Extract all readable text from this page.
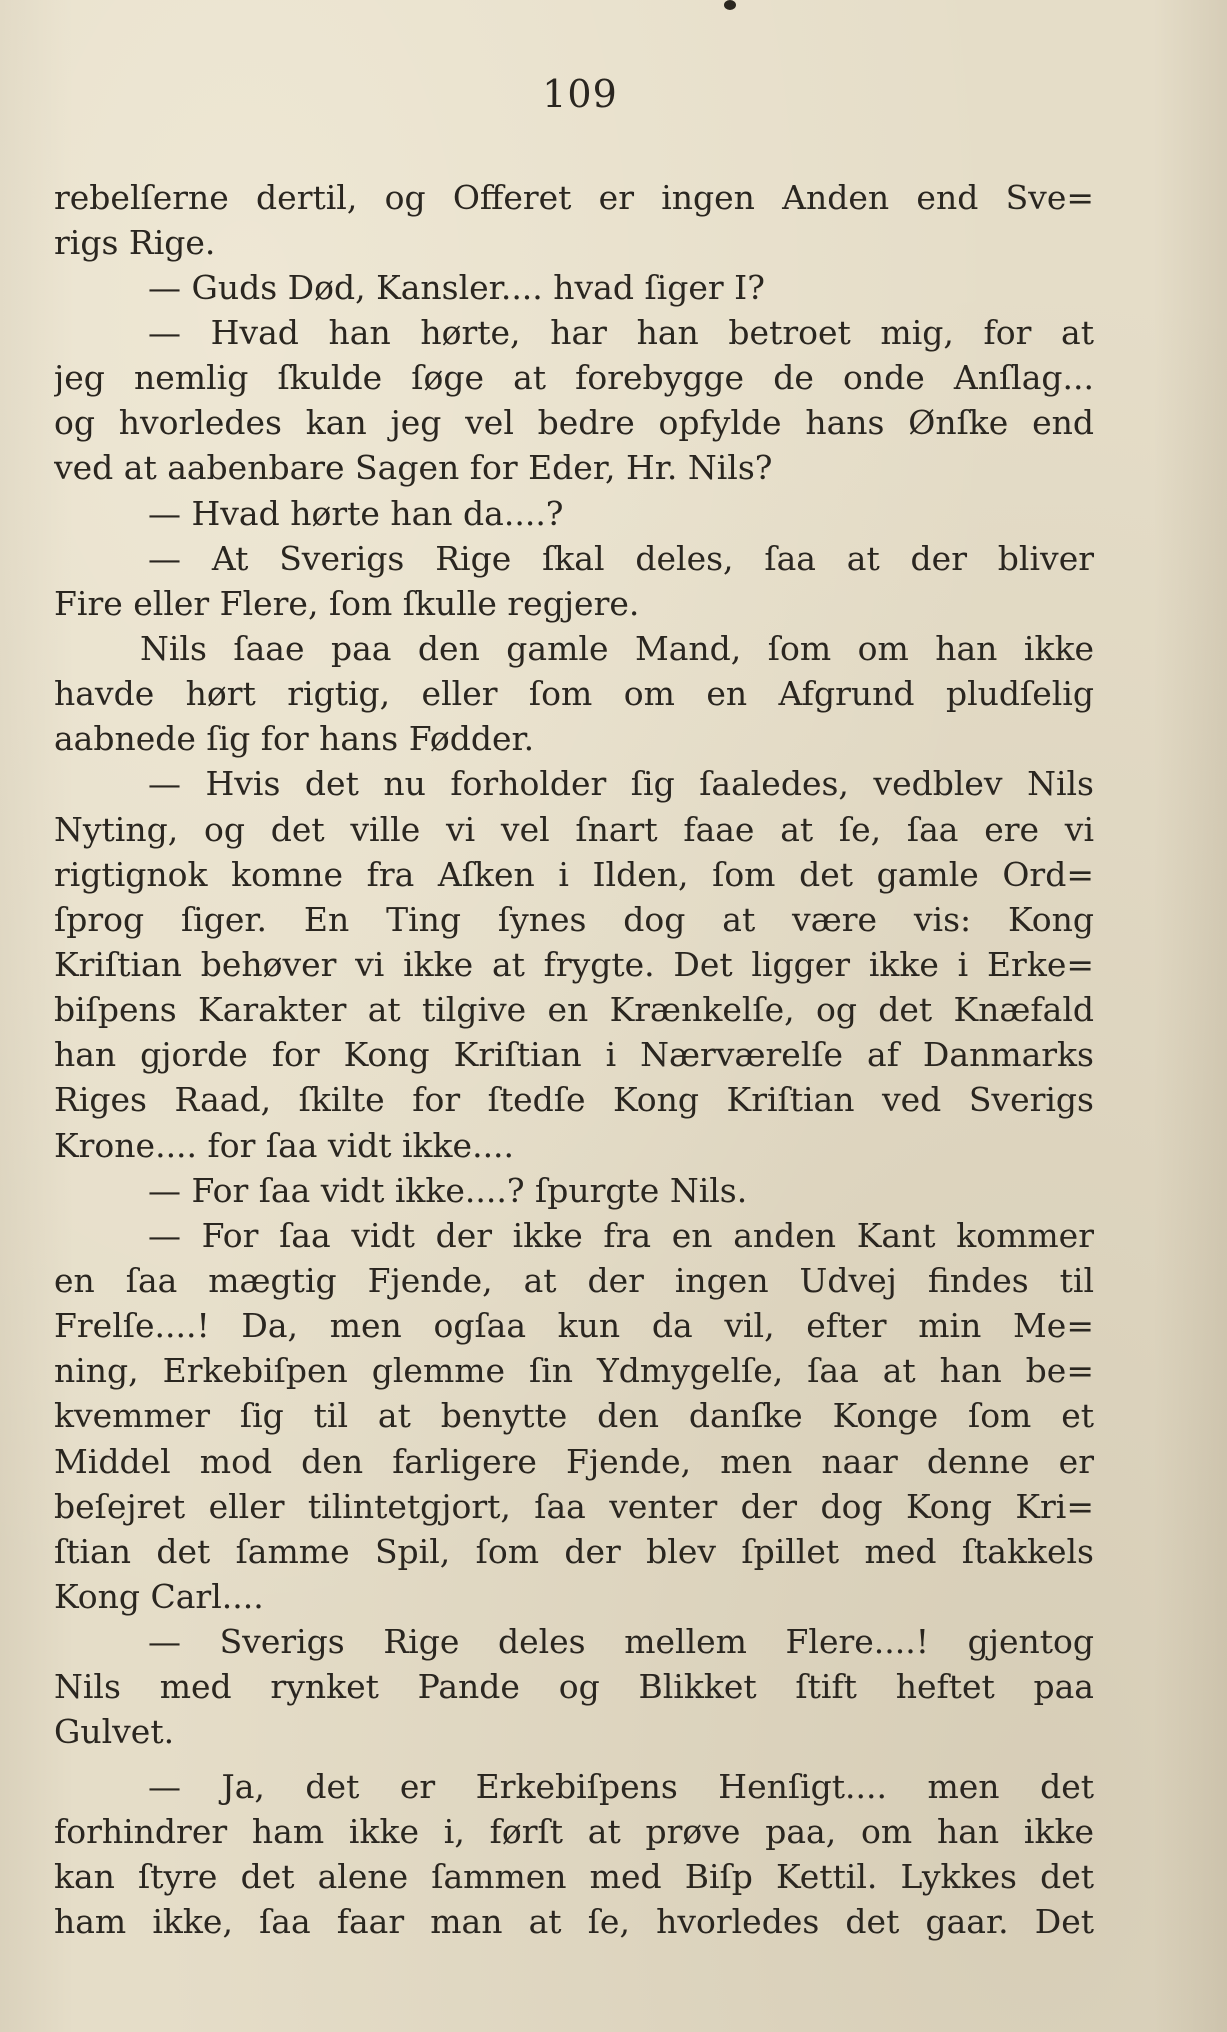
109
rebelſerne dertil, og Offeret er ingen Anden end Sve=
rigs Rige.
— Guds Død, Kansler.... hvad ſiger I?
— Hvad han hørte, har han betroet mig, for at
jeg nemlig ſkulde ſøge at forebygge de onde Anſlag...
og hvorledes kan jeg vel bedre opfylde hans Ønſke end
ved at aabenbare Sagen for Eder, Hr. Nils?
— Hvad hørte han da....?
— At Sverigs Rige ſkal deles, ſaa at der bliver
Fire eller Flere, ſom ſkulle regjere.
Nils ſaae paa den gamle Mand, ſom om han ikke
havde hørt rigtig, eller ſom om en Afgrund pludſelig
aabnede ſig for hans Fødder.
— Hvis det nu forholder ſig ſaaledes, vedblev Nils
Nyting, og det ville vi vel ſnart faae at ſe, ſaa ere vi
rigtignok komne fra Aſken i Ilden, ſom det gamle Ord=
ſprog ſiger. En Ting ſynes dog at være vis: Kong
Kriſtian behøver vi ikke at frygte. Det ligger ikke i Erke=
biſpens Karakter at tilgive en Krænkelſe, og det Knæfald
han gjorde for Kong Kriſtian i Nærværelſe af Danmarks
Riges Raad, ſkilte for ſtedſe Kong Kriſtian ved Sverigs
Krone.... for ſaa vidt ikke....
— For ſaa vidt ikke....? ſpurgte Nils.
— For ſaa vidt der ikke fra en anden Kant kommer
en ſaa mægtig Fjende, at der ingen Udvej findes til
Frelſe....! Da, men ogſaa kun da vil, efter min Me=
ning, Erkebiſpen glemme ſin Ydmygelſe, ſaa at han be=
kvemmer ſig til at benytte den danſke Konge ſom et
Middel mod den farligere Fjende, men naar denne er
beſejret eller tilintetgjort, ſaa venter der dog Kong Kri=
ſtian det ſamme Spil, ſom der blev ſpillet med ſtakkels
Kong Carl....
— Sverigs Rige deles mellem Flere....! gjentog
Nils med rynket Pande og Blikket ſtift heftet paa
Gulvet.
— Ja, det er Erkebiſpens Henſigt.... men det
forhindrer ham ikke i, førſt at prøve paa, om han ikke
kan ſtyre det alene ſammen med Biſp Kettil. Lykkes det
ham ikke, ſaa faar man at ſe, hvorledes det gaar. Det
